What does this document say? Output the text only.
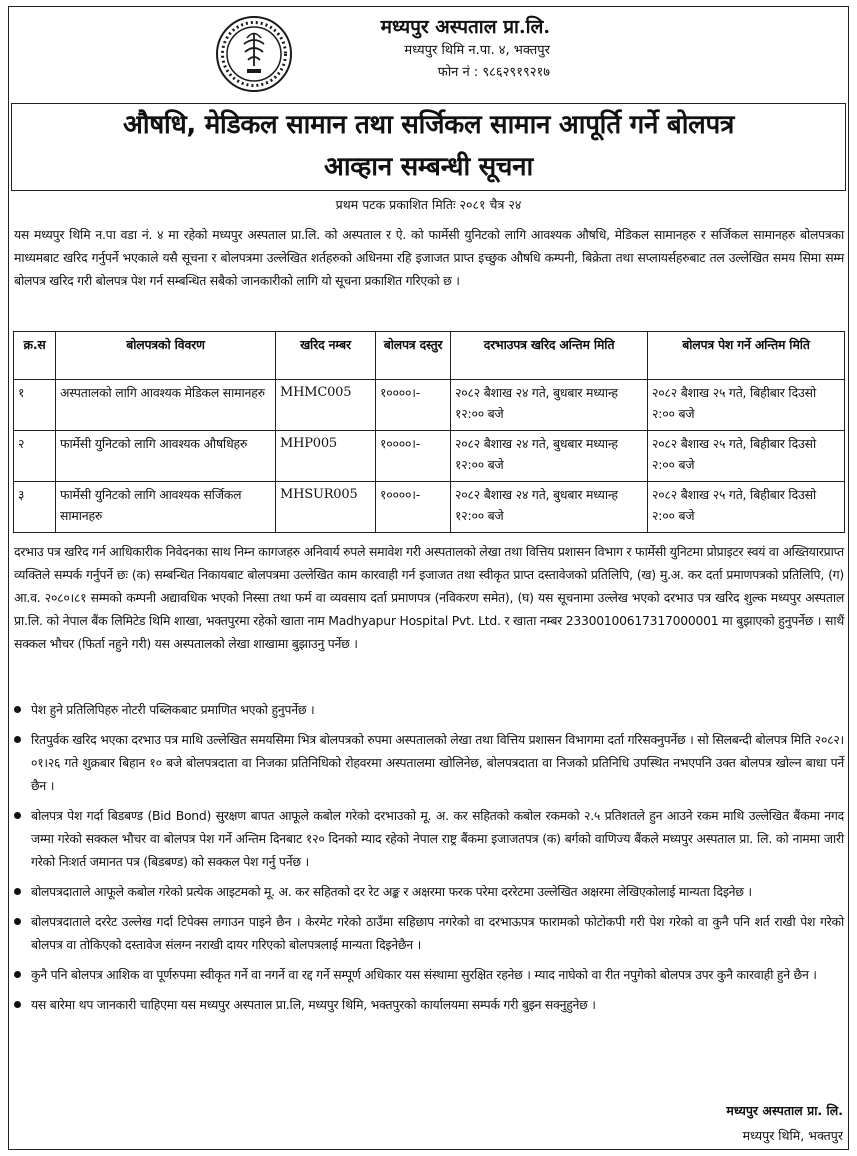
मध्यपुर अस्पताल प्रा.लि.
मध्यपुर थिमि न.पा. ४, भक्तपुर
फोन नं : ९८६२९१९२१७
औषधि, मेडिकल सामान तथा सर्जिकल सामान आपूर्ति गर्ने बोलपत्र
आव्हान सम्बन्धी सूचना
प्रथम पटक प्रकाशित मितिः २०८१ चैत्र २४
यस मध्यपुर थिमि न.पा वडा नं. ४ मा रहेको मध्यपुर अस्पताल प्रा.लि. को अस्पताल र ऐ. को फार्मेसी युनिटको लागि आवश्यक औषधि, मेडिकल सामानहरु र सर्जिकल सामानहरु बोलपत्रका माध्यमबाट खरिद गर्नुपर्ने भएकाले यसै सूचना र बोलपत्रमा उल्लेखित शर्तहरुको अधिनमा रहि इजाजत प्राप्त इच्छुक औषधि कम्पनी, बिक्रेता तथा सप्लायर्सहरुबाट तल उल्लेखित समय सिमा सम्म बोलपत्र खरिद गरी बोलपत्र पेश गर्न सम्बन्धित सबैको जानकारीको लागि यो सूचना प्रकाशित गरिएको छ ।
क्र.स	बोलपत्रको विवरण	खरिद नम्बर	बोलपत्र दस्तुर	दरभाउपत्र खरिद अन्तिम मिति	बोलपत्र पेश गर्ने अन्तिम मिति
१	अस्पतालको लागि आवश्यक मेडिकल सामानहरु	MHMC005	१००००।-	२०८२ बैशाख २४ गते, बुधबार मध्यान्ह १२:०० बजे	२०८२ बैशाख २५ गते, बिहीबार दिउसो २:०० बजे
२	फार्मेसी युनिटको लागि आवश्यक औषधिहरु	MHP005	१००००।-	२०८२ बैशाख २४ गते, बुधबार मध्यान्ह १२:०० बजे	२०८२ बैशाख २५ गते, बिहीबार दिउसो २:०० बजे
३	फार्मेसी युनिटको लागि आवश्यक सर्जिकल सामानहरु	MHSUR005	१००००।-	२०८२ बैशाख २४ गते, बुधबार मध्यान्ह १२:०० बजे	२०८२ बैशाख २५ गते, बिहीबार दिउसो २:०० बजे
दरभाउ पत्र खरिद गर्न आधिकारीक निवेदनका साथ निम्न कागजहरु अनिवार्य रुपले समावेश गरी अस्पतालको लेखा तथा वित्तिय प्रशासन विभाग र फार्मेसी युनिटमा प्रोप्राइटर स्वयं वा अख्तियारप्राप्त व्यक्तिले सम्पर्क गर्नुपर्ने छः (क) सम्बन्धित निकायबाट बोलपत्रमा उल्लेखित काम कारवाही गर्न इजाजत तथा स्वीकृत प्राप्त दस्तावेजको प्रतिलिपि, (ख) मु.अ. कर दर्ता प्रमाणपत्रको प्रतिलिपि, (ग) आ.व. २०८०।८१ सम्मको कम्पनी अद्यावधिक भएको निस्सा तथा फर्म वा व्यवसाय दर्ता प्रमाणपत्र (नविकरण समेत), (घ) यस सूचनामा उल्लेख भएको दरभाउ पत्र खरिद शुल्क मध्यपुर अस्पताल प्रा.लि. को नेपाल बैंक लिमिटेड थिमि शाखा, भक्तपुरमा रहेको खाता नाम Madhyapur Hospital Pvt. Ltd. र खाता नम्बर 23300100617317000001 मा बुझाएको हुनुपर्नेछ । साथैं सक्कल भौचर (फिर्ता नहुने गरी) यस अस्पतालको लेखा शाखामा बुझाउनु पर्नेछ ।
पेश हुने प्रतिलिपिहरु नोटरी पब्लिकबाट प्रमाणित भएको हुनुपर्नेछ ।
रितपुर्वक खरिद भएका दरभाउ पत्र माथि उल्लेखित समयसिमा भित्र बोलपत्रको रुपमा अस्पतालको लेखा तथा वित्तिय प्रशासन विभागमा दर्ता गरिसक्नुपर्नेछ । सो सिलबन्दी बोलपत्र मिति २०८२।०१।२६ गते शुक्रबार बिहान १० बजे बोलपत्रदाता वा निजका प्रतिनिधिको रोहवरमा अस्पतालमा खोलिनेछ, बोलपत्रदाता वा निजको प्रतिनिधि उपस्थित नभएपनि उक्त बोलपत्र खोल्न बाधा पर्ने छैन ।
बोलपत्र पेश गर्दा बिडबण्ड (Bid Bond) सुरक्षण बापत आफूले कबोल गरेको दरभाउको मू. अ. कर सहितको कबोल रकमको २.५ प्रतिशतले हुन आउने रकम माथि उल्लेखित बैंकमा नगद जम्मा गरेको सक्कल भौचर वा बोलपत्र पेश गर्ने अन्तिम दिनबाट १२० दिनको म्याद रहेको नेपाल राष्ट्र बैंकमा इजाजतपत्र (क) बर्गको वाणिज्य बैंकले मध्यपुर अस्पताल प्रा. लि. को नाममा जारी गरेको निःशर्त जमानत पत्र (बिडबण्ड) को सक्कल पेश गर्नु पर्नेछ ।
बोलपत्रदाताले आफूले कबोल गरेको प्रत्येक आइटमको मू. अ. कर सहितको दर रेट अङ्क र अक्षरमा फरक परेमा दररेटमा उल्लेखित अक्षरमा लेखिएकोलाई मान्यता दिइनेछ ।
बोलपत्रदाताले दररेट उल्लेख गर्दा टिपेक्स लगाउन पाइने छैन । केरमेट गरेको ठाउँमा सहिछाप नगरेको वा दरभाऊपत्र फारामको फोटोकपी गरी पेश गरेको वा कुनै पनि शर्त राखी पेश गरेको बोलपत्र वा तोकिएको दस्तावेज संलग्न नराखी दायर गरिएको बोलपत्रलाई मान्यता दिइनेछैन ।
कुनै पनि बोलपत्र आशिक वा पूर्णरुपमा स्वीकृत गर्ने वा नगर्ने वा रद्द गर्ने सम्पूर्ण अधिकार यस संस्थामा सुरक्षित रहनेछ । म्याद नाघेको वा रीत नपुगेको बोलपत्र उपर कुनै कारवाही हुने छैन ।
यस बारेमा थप जानकारी चाहिएमा यस मध्यपुर अस्पताल प्रा.लि, मध्यपुर थिमि, भक्तपुरको कार्यालयमा सम्पर्क गरी बुझ्न सक्नुहुनेछ ।
मध्यपुर अस्पताल प्रा. लि.
मध्यपुर थिमि, भक्तपुर
